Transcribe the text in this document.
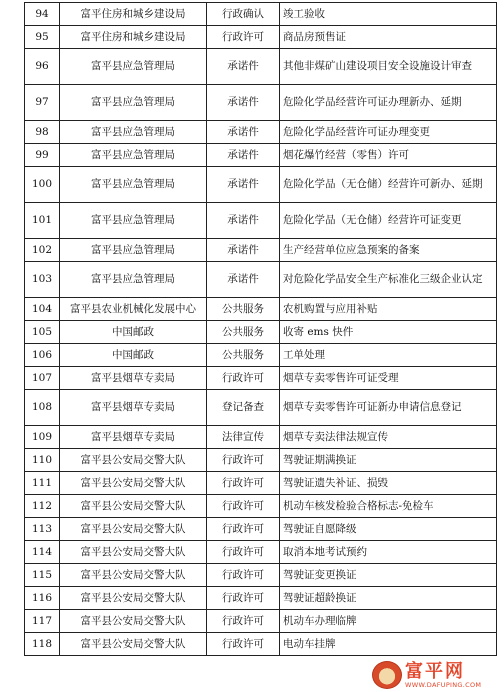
94	富平住房和城乡建设局	行政确认	竣工验收
95	富平住房和城乡建设局	行政许可	商品房预售证
96	富平县应急管理局	承诺件	其他非煤矿山建设项目安全设施设计审查
97	富平县应急管理局	承诺件	危险化学品经营许可证办理新办、延期
98	富平县应急管理局	承诺件	危险化学品经营许可证办理变更
99	富平县应急管理局	承诺件	烟花爆竹经营（零售）许可
100	富平县应急管理局	承诺件	危险化学品（无仓储）经营许可新办、延期
101	富平县应急管理局	承诺件	危险化学品（无仓储）经营许可证变更
102	富平县应急管理局	承诺件	生产经营单位应急预案的备案
103	富平县应急管理局	承诺件	对危险化学品安全生产标准化三级企业认定
104	富平县农业机械化发展中心	公共服务	农机购置与应用补贴
105	中国邮政	公共服务	收寄 ems 快件
106	中国邮政	公共服务	工单处理
107	富平县烟草专卖局	行政许可	烟草专卖零售许可证受理
108	富平县烟草专卖局	登记备查	烟草专卖零售许可证新办申请信息登记
109	富平县烟草专卖局	法律宣传	烟草专卖法律法规宣传
110	富平县公安局交警大队	行政许可	驾驶证期满换证
111	富平县公安局交警大队	行政许可	驾驶证遗失补证、损毁
112	富平县公安局交警大队	行政许可	机动车核发检验合格标志-免检车
113	富平县公安局交警大队	行政许可	驾驶证自愿降级
114	富平县公安局交警大队	行政许可	取消本地考试预约
115	富平县公安局交警大队	行政许可	驾驶证变更换证
116	富平县公安局交警大队	行政许可	驾驶证超龄换证
117	富平县公安局交警大队	行政许可	机动车办理临牌
118	富平县公安局交警大队	行政许可	电动车挂牌
富平网
WWW.DAFUPING.COM
